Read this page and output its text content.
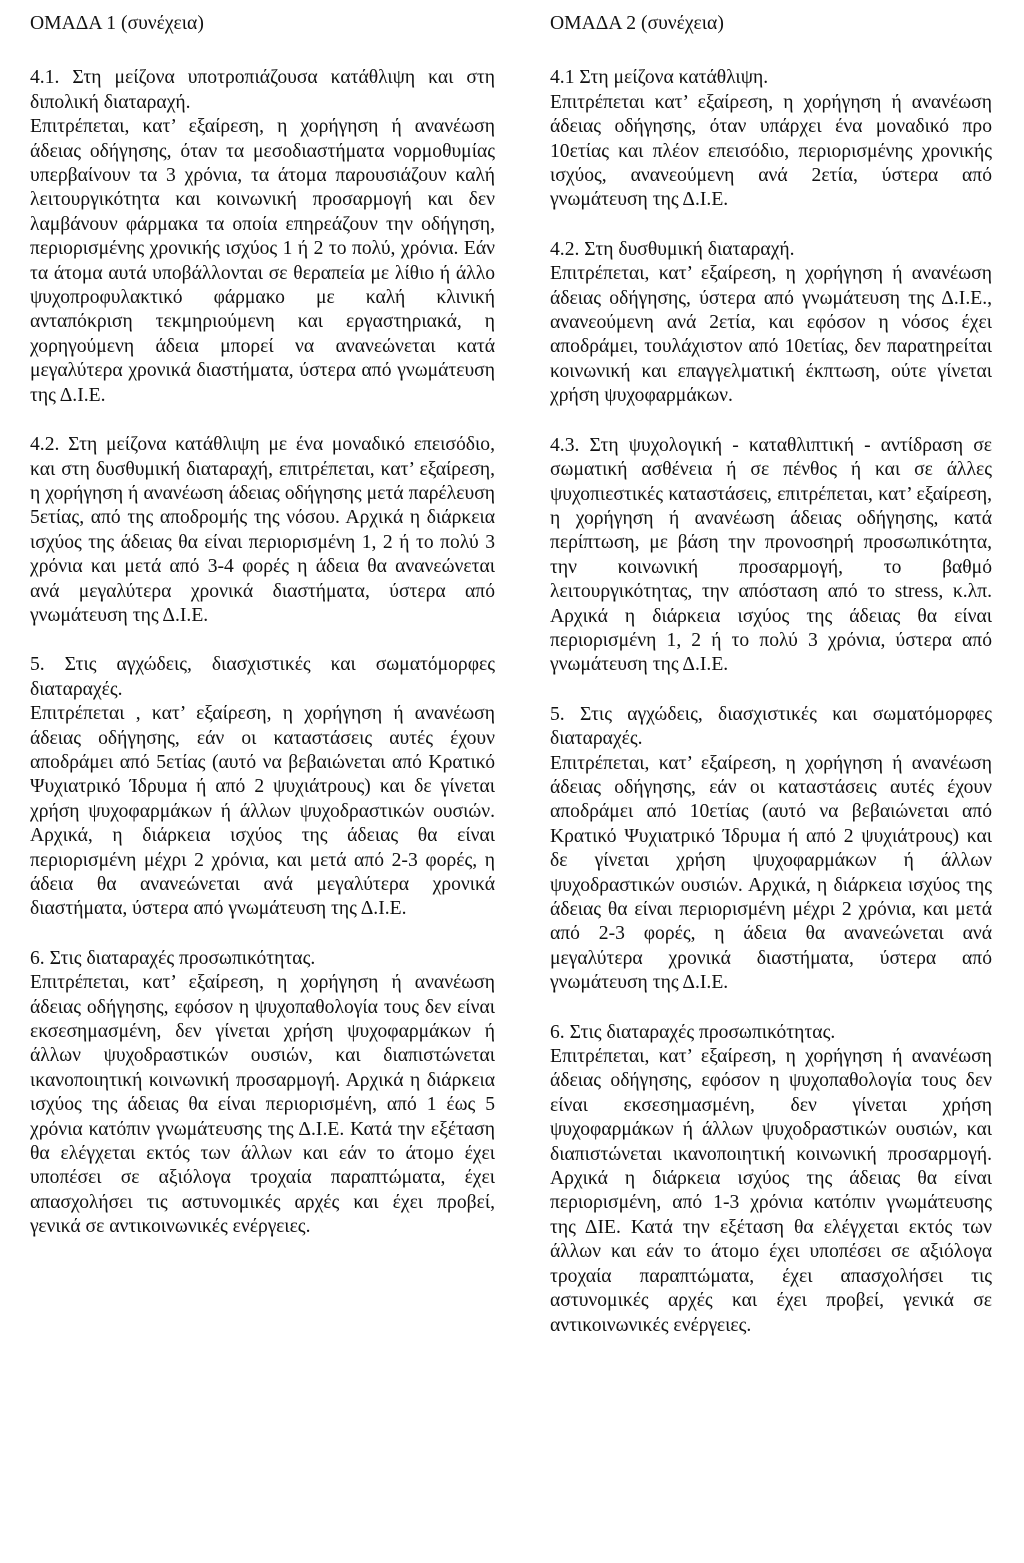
ΟΜΑΔΑ 1 (συνέχεια)

4.1. Στη μείζονα υποτροπιάζουσα κατάθλιψη και στη διπολική διαταραχή.

Επιτρέπεται, κατ’ εξαίρεση, η χορήγηση ή ανανέωση άδειας οδήγησης, όταν τα μεσοδιαστήματα νορμοθυμίας υπερβαίνουν τα 3 χρόνια, τα άτομα παρουσιάζουν καλή λειτουργικότητα και κοινωνική προσαρμογή και δεν λαμβάνουν φάρμακα τα οποία επηρεάζουν την οδήγηση, περιορισμένης χρονικής ισχύος 1 ή 2 το πολύ, χρόνια. Εάν τα άτομα αυτά υποβάλλονται σε θεραπεία με λίθιο ή άλλο ψυχοπροφυλακτικό φάρμακο με καλή κλινική ανταπόκριση τεκμηριούμενη και εργαστηριακά, η χορηγούμενη άδεια μπορεί να ανανεώνεται κατά μεγαλύτερα χρονικά διαστήματα, ύστερα από γνωμάτευση της Δ.Ι.Ε.

4.2. Στη μείζονα κατάθλιψη με ένα μοναδικό επεισόδιο, και στη δυσθυμική διαταραχή, επιτρέπεται, κατ’ εξαίρεση, η χορήγηση ή ανανέωση άδειας οδήγησης μετά παρέλευση 5ετίας, από της αποδρομής της νόσου. Αρχικά η διάρκεια ισχύος της άδειας θα είναι περιορισμένη 1, 2 ή το πολύ 3 χρόνια και μετά από 3-4 φορές η άδεια θα ανανεώνεται ανά μεγαλύτερα χρονικά διαστήματα, ύστερα από γνωμάτευση της Δ.Ι.Ε.

5. Στις αγχώδεις, διασχιστικές και σωματόμορφες διαταραχές.

Επιτρέπεται , κατ’ εξαίρεση, η χορήγηση ή ανανέωση άδειας οδήγησης, εάν οι καταστάσεις αυτές έχουν αποδράμει από 5ετίας (αυτό να βεβαιώνεται από Κρατικό Ψυχιατρικό Ίδρυμα ή από 2 ψυχιάτρους) και δε γίνεται χρήση ψυχοφαρμάκων ή άλλων ψυχοδραστικών ουσιών. Αρχικά, η διάρκεια ισχύος της άδειας θα είναι περιορισμένη μέχρι 2 χρόνια, και μετά από 2-3 φορές, η άδεια θα ανανεώνεται ανά μεγαλύτερα χρονικά διαστήματα, ύστερα από γνωμάτευση της Δ.Ι.Ε.

6. Στις διαταραχές προσωπικότητας.

Επιτρέπεται, κατ’ εξαίρεση, η χορήγηση ή ανανέωση άδειας οδήγησης, εφόσον η ψυχοπαθολογία τους δεν είναι εκσεσημασμένη, δεν γίνεται χρήση ψυχοφαρμάκων ή άλλων ψυχοδραστικών ουσιών, και διαπιστώνεται ικανοποιητική κοινωνική προσαρμογή. Αρχικά η διάρκεια ισχύος της άδειας θα είναι περιορισμένη, από 1 έως 5 χρόνια κατόπιν γνωμάτευσης της Δ.Ι.Ε. Κατά την εξέταση θα ελέγχεται εκτός των άλλων και εάν το άτομο έχει υποπέσει σε αξιόλογα τροχαία παραπτώματα, έχει απασχολήσει τις αστυνομικές αρχές και έχει προβεί, γενικά σε αντικοινωνικές ενέργειες.

ΟΜΑΔΑ 2 (συνέχεια)

4.1 Στη μείζονα κατάθλιψη.

Επιτρέπεται κατ’ εξαίρεση, η χορήγηση ή ανανέωση άδειας οδήγησης, όταν υπάρχει ένα μοναδικό προ 10ετίας και πλέον επεισόδιο, περιορισμένης χρονικής ισχύος, ανανεούμενη ανά 2ετία, ύστερα από γνωμάτευση της Δ.Ι.Ε.

4.2. Στη δυσθυμική διαταραχή.

Επιτρέπεται, κατ’ εξαίρεση, η χορήγηση ή ανανέωση άδειας οδήγησης, ύστερα από γνωμάτευση της Δ.Ι.Ε., ανανεούμενη ανά 2ετία, και εφόσον η νόσος έχει αποδράμει, τουλάχιστον από 10ετίας, δεν παρατηρείται κοινωνική και επαγγελματική έκπτωση, ούτε γίνεται χρήση ψυχοφαρμάκων.

4.3. Στη ψυχολογική - καταθλιπτική - αντίδραση σε σωματική ασθένεια ή σε πένθος ή και σε άλλες ψυχοπιεστικές καταστάσεις, επιτρέπεται, κατ’ εξαίρεση, η χορήγηση ή ανανέωση άδειας οδήγησης, κατά περίπτωση, με βάση την προνοσηρή προσωπικότητα, την κοινωνική προσαρμογή, το βαθμό λειτουργικότητας, την απόσταση από το stress, κ.λπ. Αρχικά η διάρκεια ισχύος της άδειας θα είναι περιορισμένη 1, 2 ή το πολύ 3 χρόνια, ύστερα από γνωμάτευση της Δ.Ι.Ε.

5. Στις αγχώδεις, διασχιστικές και σωματόμορφες διαταραχές.

Επιτρέπεται, κατ’ εξαίρεση, η χορήγηση ή ανανέωση άδειας οδήγησης, εάν οι καταστάσεις αυτές έχουν αποδράμει από 10ετίας (αυτό να βεβαιώνεται από Κρατικό Ψυχιατρικό Ίδρυμα ή από 2 ψυχιάτρους) και δε γίνεται χρήση ψυχοφαρμάκων ή άλλων ψυχοδραστικών ουσιών. Αρχικά, η διάρκεια ισχύος της άδειας θα είναι περιορισμένη μέχρι 2 χρόνια, και μετά από 2-3 φορές, η άδεια θα ανανεώνεται ανά μεγαλύτερα χρονικά διαστήματα, ύστερα από γνωμάτευση της Δ.Ι.Ε.

6. Στις διαταραχές προσωπικότητας.

Επιτρέπεται, κατ’ εξαίρεση, η χορήγηση ή ανανέωση άδειας οδήγησης, εφόσον η ψυχοπαθολογία τους δεν είναι εκσεσημασμένη, δεν γίνεται χρήση ψυχοφαρμάκων ή άλλων ψυχοδραστικών ουσιών, και διαπιστώνεται ικανοποιητική κοινωνική προσαρμογή. Αρχικά η διάρκεια ισχύος της άδειας θα είναι περιορισμένη, από 1-3 χρόνια κατόπιν γνωμάτευσης της ΔΙΕ. Κατά την εξέταση θα ελέγχεται εκτός των άλλων και εάν το άτομο έχει υποπέσει σε αξιόλογα τροχαία παραπτώματα, έχει απασχολήσει τις αστυνομικές αρχές και έχει προβεί, γενικά σε αντικοινωνικές ενέργειες.
